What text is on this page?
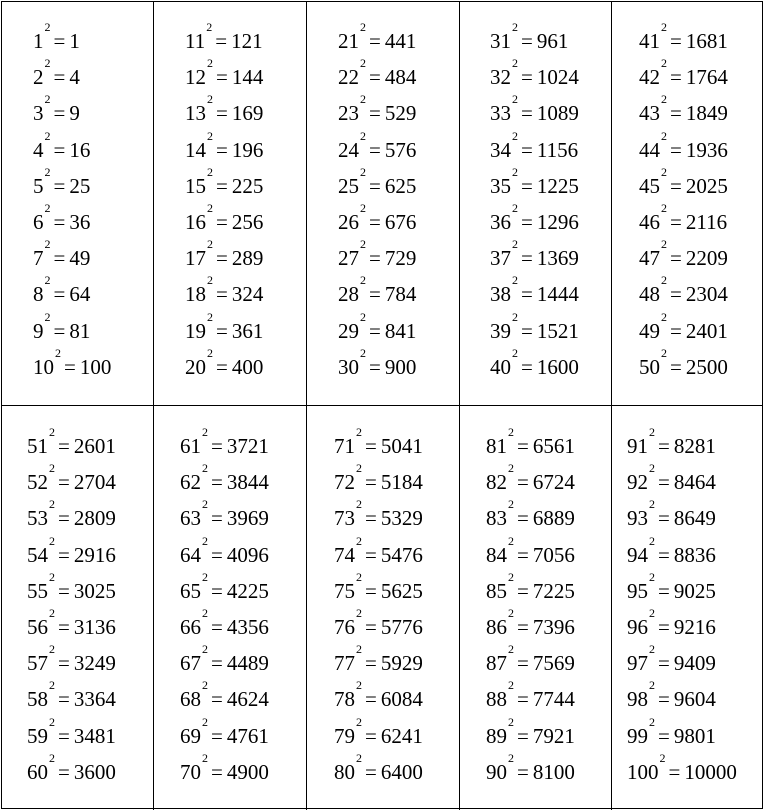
$1^2= 1$
$2^2= 4$
$3^2= 9$
$4^2= 16$
$5^2= 25$
$6^2= 36$
$7^2= 49$
$8^2= 64$
$9^2= 81$
$10^2= 100$
$11^2= 121$
$12^2= 144$
$13^2= 169$
$14^2= 196$
$15^2= 225$
$16^2= 256$
$17^2= 289$
$18^2= 324$
$19^2= 361$
$20^2= 400$
$21^2= 441$
$22^2= 484$
$23^2= 529$
$24^2= 576$
$25^2= 625$
$26^2= 676$
$27^2= 729$
$28^2= 784$
$29^2= 841$
$30^2= 900$
$31^2= 961$
$32^2= 1024$
$33^2= 1089$
$34^2= 1156$
$35^2= 1225$
$36^2= 1296$
$37^2= 1369$
$38^2= 1444$
$39^2= 1521$
$40^2= 1600$
$41^2= 1681$
$42^2= 1764$
$43^2= 1849$
$44^2= 1936$
$45^2= 2025$
$46^2= 2116$
$47^2= 2209$
$48^2= 2304$
$49^2= 2401$
$50^2= 2500$
$51^2= 2601$
$52^2= 2704$
$53^2= 2809$
$54^2= 2916$
$55^2= 3025$
$56^2= 3136$
$57^2= 3249$
$58^2= 3364$
$59^2= 3481$
$60^2= 3600$
$61^2= 3721$
$62^2= 3844$
$63^2= 3969$
$64^2= 4096$
$65^2= 4225$
$66^2= 4356$
$67^2= 4489$
$68^2= 4624$
$69^2= 4761$
$70^2= 4900$
$71^2= 5041$
$72^2= 5184$
$73^2= 5329$
$74^2= 5476$
$75^2= 5625$
$76^2= 5776$
$77^2= 5929$
$78^2= 6084$
$79^2= 6241$
$80^2= 6400$
$81^2= 6561$
$82^2= 6724$
$83^2= 6889$
$84^2= 7056$
$85^2= 7225$
$86^2= 7396$
$87^2= 7569$
$88^2= 7744$
$89^2= 7921$
$90^2= 8100$
$91^2= 8281$
$92^2= 8464$
$93^2= 8649$
$94^2= 8836$
$95^2= 9025$
$96^2= 9216$
$97^2= 9409$
$98^2= 9604$
$99^2= 9801$
$100^2= 10000$
